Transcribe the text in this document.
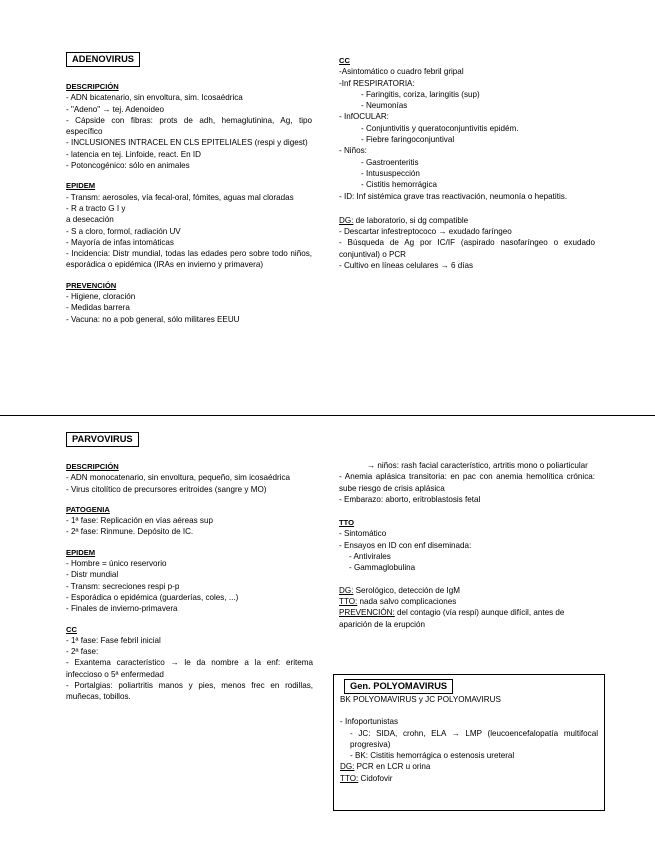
ADENOVIRUS
DESCRIPCIÓN
- ADN bicatenario, sin envoltura, sim. Icosaédrica
- "Adeno" → tej. Adenoideo
- Cápside con fibras: prots de adh, hemaglutinina, Ag, tipo específico
- INCLUSIONES INTRACEL EN CLS EPITELIALES (respi y digest)
- latencia en tej. Linfoide, react. En ID
- Potoncogénico: sólo en animales
EPIDEM
- Transm: aerosoles, vía fecal-oral, fómites, aguas mal cloradas
- R a tracto G I y
a desecación
- S a cloro, formol, radiación UV
- Mayoría de infas intomáticas
- Incidencia: Distr mundial, todas las edades pero sobre todo niños, esporádica o epidémica (IRAs en invierno y primavera)
PREVENCIÓN
- Higiene, cloración
- Medidas barrera
- Vacuna: no a pob general, sólo militares EEUU
CC
-Asintomático o cuadro febril gripal
-Inf RESPIRATORIA:
- Faringitis, coriza, laringitis (sup)
- Neumonías
- InfOCULAR:
- Conjuntivitis y queratoconjuntivitis epidém.
- Fiebre faringoconjuntival
- Niños:
- Gastroenteritis
- Intususpección
- Cistitis hemorrágica
- ID: Inf sistémica grave tras reactivación, neumonía o hepatitis.
DG: de laboratorio, si dg compatible
- Descartar infestreptococo → exudado faríngeo
- Búsqueda de Ag por IC/IF (aspirado nasofaríngeo o exudado conjuntival) o PCR
- Cultivo en líneas celulares → 6 días
PARVOVIRUS
DESCRIPCIÓN
- ADN monocatenario, sin envoltura, pequeño, sim icosaédrica
- Virus citolítico de precursores eritroides (sangre y MO)
PATOGENIA
- 1ª fase: Replicación en vías aéreas sup
- 2ª fase: Rinmune. Depósito de IC.
EPIDEM
- Hombre = único reservorio
- Distr mundial
- Transm: secreciones respi p-p
- Esporádica o epidémica (guarderías, coles, ...)
- Finales de invierno-primavera
CC
- 1ª fase: Fase febril inicial
- 2ª fase:
- Exantema característico → le da nombre a la enf: eritema infeccioso o 5ª enfermedad
- Portalgias: poliartritis manos y pies, menos frec en rodillas, muñecas, tobillos.
→ niños: rash facial característico, artritis mono o poliarticular
- Anemia aplásica transitoria: en pac con anemia hemolítica crónica: sube riesgo de crisis aplásica
- Embarazo: aborto, eritroblastosis fetal
TTO
- Sintomático
- Ensayos en ID con enf diseminada:
- Antivirales
- Gammaglobulina
DG: Serológico, detección de IgM
TTO: nada salvo complicaciones
PREVENCIÓN: del contagio (vía respi) aunque difícil, antes de aparición de la erupción
Gen. POLYOMAVIRUS
BK POLYOMAVIRUS y JC POLYOMAVIRUS
- Infoportunistas
- JC: SIDA, crohn, ELA → LMP (leucoencefalopatía multifocal progresiva)
- BK: Cistitis hemorrágica o estenosis ureteral
DG: PCR en LCR u orina
TTO: Cidofovir
